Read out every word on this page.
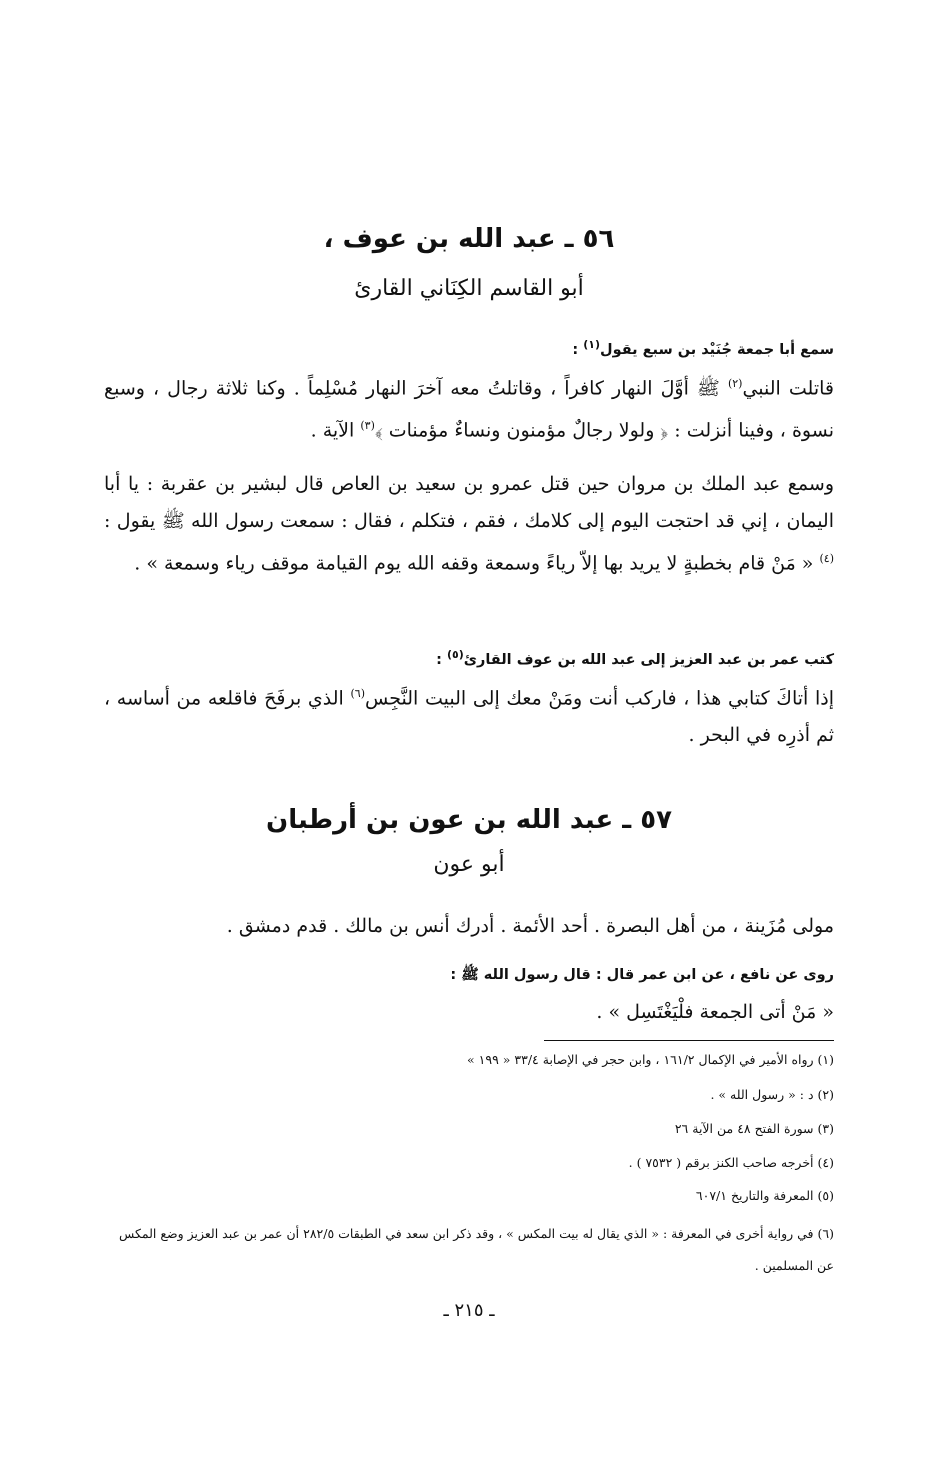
٥٦ ـ عبد الله بن عوف ،
أبو القاسم الكِنَاني القارئ

سمع أبا جمعة جُنَيْد بن سبع يقول$^{(١)}$ :

قاتلت النبي$^{(٢)}$ ﷺ أوَّلَ النهار كافراً ، وقاتلتُ معه آخرَ النهار مُسْلِماً . وكنا ثلاثة رجال ، وسبع نسوة ، وفينا أنزلت : ﴿ ولولا رجالٌ مؤمنون ونساءٌ مؤمنات ﴾$^{(٣)}$ الآية .

وسمع عبد الملك بن مروان حين قتل عمرو بن سعيد بن العاص قال لبشير بن عقربة : يا أبا اليمان ، إني قد احتجت اليوم إلى كلامك ، فقم ، فتكلم ، فقال : سمعت رسول الله ﷺ يقول :$^{(٤)}$ « مَنْ قام بخطبةٍ لا يريد بها إلاّ رياءً وسمعة وقفه الله يوم القيامة موقف رياء وسمعة » .

كتب عمر بن عبد العزيز إلى عبد الله بن عوف القارئ$^{(٥)}$ :

إذا أتاكَ كتابي هذا ، فاركب أنت ومَنْ معك إلى البيت النَّجِس$^{(٦)}$ الذي برفَحَ فاقلعه من أساسه ، ثم أذرِه في البحر .

٥٧ ـ عبد الله بن عون بن أرطبان
أبو عون

مولى مُزَينة ، من أهل البصرة . أحد الأئمة . أدرك أنس بن مالك . قدم دمشق .

روى عن نافع ، عن ابن عمر قال : قال رسول الله ﷺ :

« مَنْ أتى الجمعة فلْيَغْتَسِل » .

(١) رواه الأمير في الإكمال ١٦١/٢ ، وابن حجر في الإصابة ٣٣/٤ « ١٩٩ »
(٢) د : « رسول الله » .
(٣) سورة الفتح ٤٨ من الآية ٢٦
(٤) أخرجه صاحب الكنز برقم ( ٧٥٣٢ ) .
(٥) المعرفة والتاريخ ٦٠٧/١
(٦) في رواية أخرى في المعرفة : « الذي يقال له بيت المكس » ، وقد ذكر ابن سعد في الطبقات ٢٨٢/٥ أن عمر بن عبد العزيز وضع المكس عن المسلمين .
ـ ٢١٥ ـ
